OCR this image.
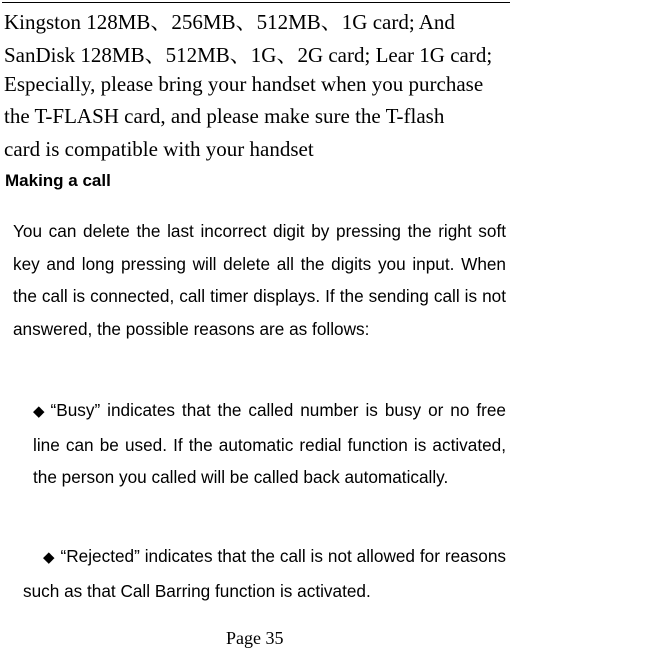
Kingston 128MB、256MB、512MB、1G card; And
SanDisk 128MB、512MB、1G、2G card; Lear 1G card;
Especially, please bring your handset when you purchase
the T-FLASH card, and please make sure the T-flash
card is compatible with your handset
Making a call
You can delete the last incorrect digit by pressing the right soft key and long pressing will delete all the digits you input. When the call is connected, call timer displays. If the sending call is not answered, the possible reasons are as follows:
◆ “Busy” indicates that the called number is busy or no free line can be used. If the automatic redial function is activated, the person you called will be called back automatically.
◆ “Rejected” indicates that the call is not allowed for reasons such as that Call Barring function is activated.
Page 35
